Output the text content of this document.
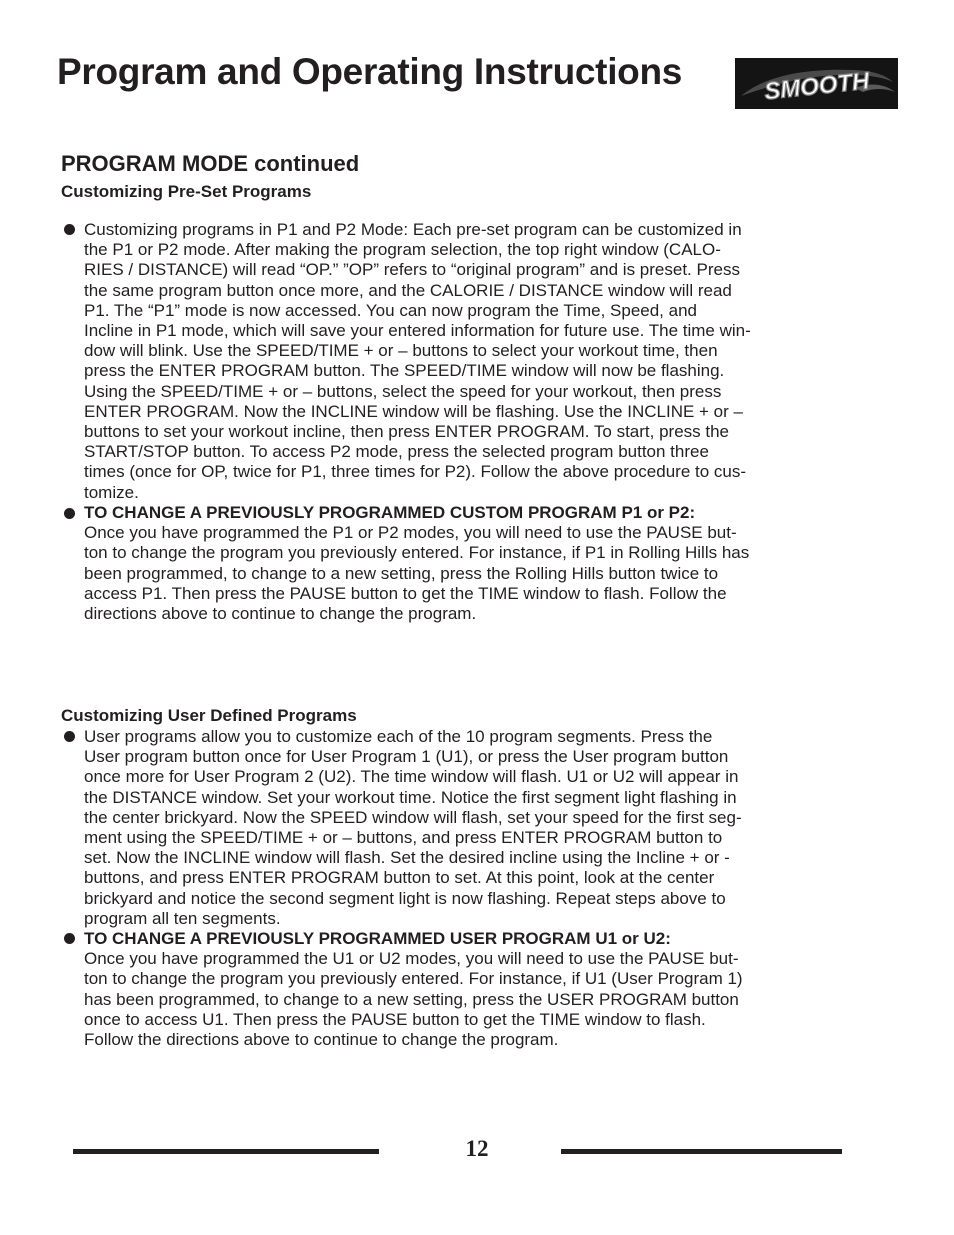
Program and Operating Instructions	SMOOTH
PROGRAM MODE continued
Customizing Pre-Set Programs
Customizing programs in P1 and P2 Mode: Each pre-set program can be customized in
the P1 or P2 mode. After making the program selection, the top right window (CALO-
RIES / DISTANCE) will read “OP.” ”OP” refers to “original program” and is preset. Press
the same program button once more, and the CALORIE / DISTANCE window will read
P1. The “P1” mode is now accessed. You can now program the Time, Speed, and
Incline in P1 mode, which will save your entered information for future use. The time win-
dow will blink. Use the SPEED/TIME + or – buttons to select your workout time, then
press the ENTER PROGRAM button. The SPEED/TIME window will now be flashing.
Using the SPEED/TIME + or – buttons, select the speed for your workout, then press
ENTER PROGRAM. Now the INCLINE window will be flashing. Use the INCLINE + or –
buttons to set your workout incline, then press ENTER PROGRAM. To start, press the
START/STOP button. To access P2 mode, press the selected program button three
times (once for OP, twice for P1, three times for P2). Follow the above procedure to cus-
tomize.
TO CHANGE A PREVIOUSLY PROGRAMMED CUSTOM PROGRAM P1 or P2:
Once you have programmed the P1 or P2 modes, you will need to use the PAUSE but-
ton to change the program you previously entered. For instance, if P1 in Rolling Hills has
been programmed, to change to a new setting, press the Rolling Hills button twice to
access P1. Then press the PAUSE button to get the TIME window to flash. Follow the
directions above to continue to change the program.
Customizing User Defined Programs
User programs allow you to customize each of the 10 program segments. Press the
User program button once for User Program 1 (U1), or press the User program button
once more for User Program 2 (U2). The time window will flash. U1 or U2 will appear in
the DISTANCE window. Set your workout time. Notice the first segment light flashing in
the center brickyard. Now the SPEED window will flash, set your speed for the first seg-
ment using the SPEED/TIME + or – buttons, and press ENTER PROGRAM button to
set. Now the INCLINE window will flash. Set the desired incline using the Incline + or -
buttons, and press ENTER PROGRAM button to set. At this point, look at the center
brickyard and notice the second segment light is now flashing. Repeat steps above to
program all ten segments.
TO CHANGE A PREVIOUSLY PROGRAMMED USER PROGRAM U1 or U2:
Once you have programmed the U1 or U2 modes, you will need to use the PAUSE but-
ton to change the program you previously entered. For instance, if U1 (User Program 1)
has been programmed, to change to a new setting, press the USER PROGRAM button
once to access U1. Then press the PAUSE button to get the TIME window to flash.
Follow the directions above to continue to change the program.
12
